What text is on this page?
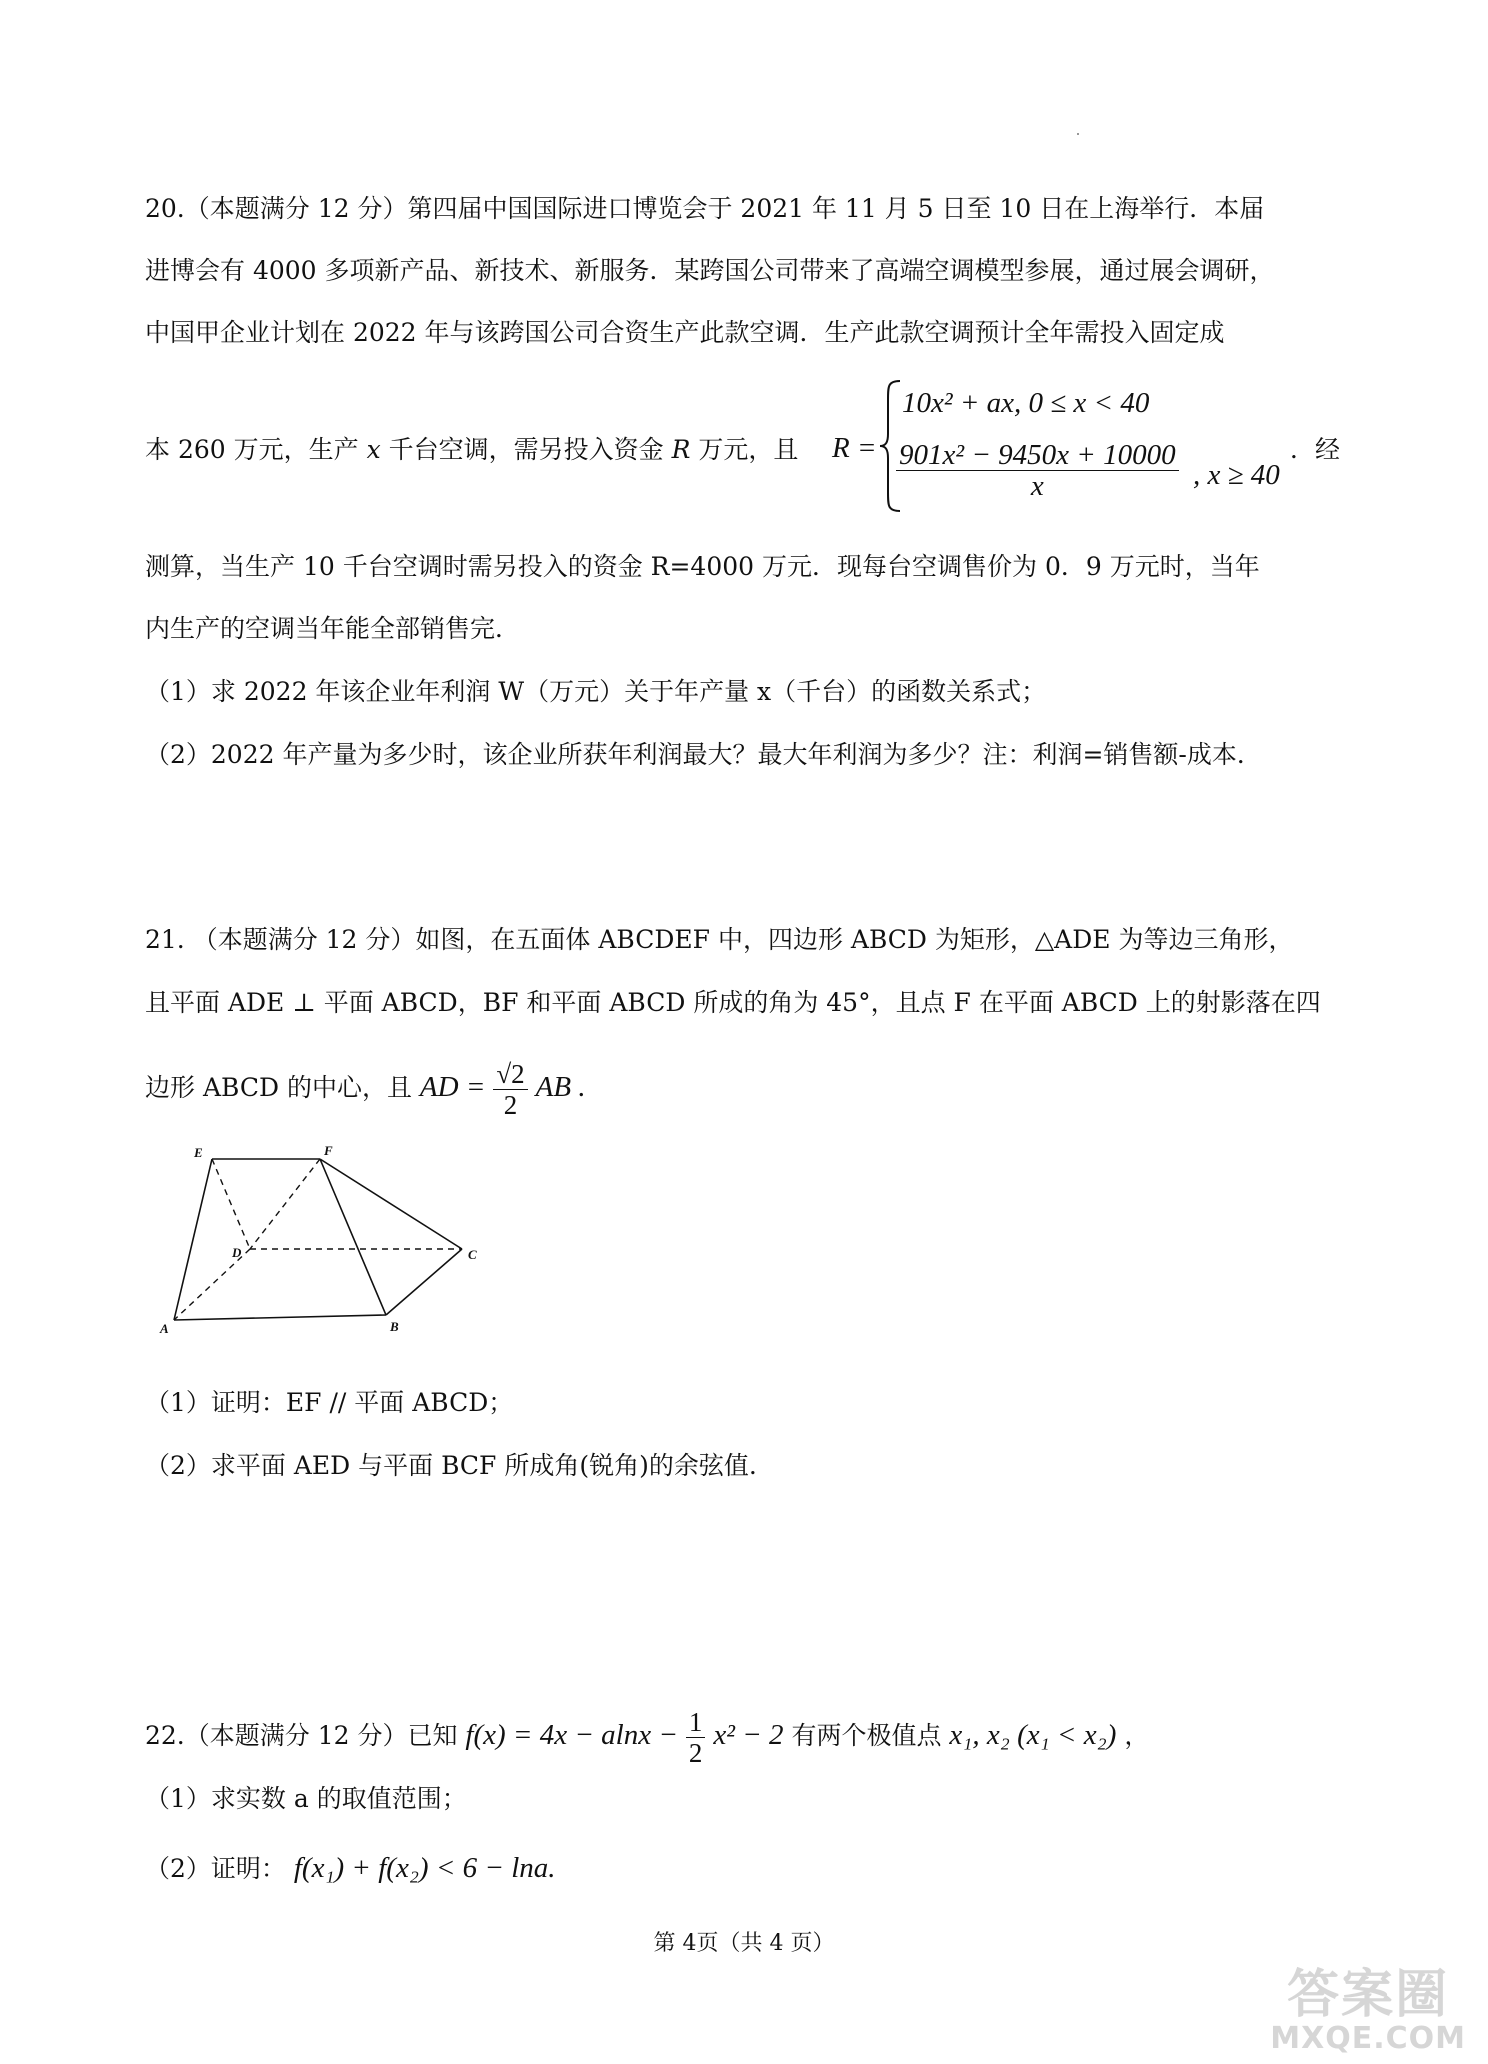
20.（本题满分 12 分）第四届中国国际进口博览会于 2021 年 11 月 5 日至 10 日在上海举行．本届
进博会有 4000 多项新产品、新技术、新服务．某跨国公司带来了高端空调模型参展，通过展会调研，
中国甲企业计划在 2022 年与该跨国公司合资生产此款空调．生产此款空调预计全年需投入固定成
本 260 万元，生产 x 千台空调，需另投入资金 R 万元，且 R =
10x² + ax, 0 ≤ x < 40
$\frac{\text{901x² − 9450x + 10000}}{x}$ , x ≥ 40
．经
测算，当生产 10 千台空调时需另投入的资金 R=4000 万元．现每台空调售价为 0．9 万元时，当年
内生产的空调当年能全部销售完．
（1）求 2022 年该企业年利润 W（万元）关于年产量 x（千台）的函数关系式；
（2）2022 年产量为多少时，该企业所获年利润最大？最大年利润为多少？注：利润=销售额-成本．
21. （本题满分 12 分）如图，在五面体 ABCDEF 中，四边形 ABCD 为矩形，△ADE 为等边三角形，
且平面 ADE ⊥ 平面 ABCD，BF 和平面 ABCD 所成的角为 45°，且点 F 在平面 ABCD 上的射影落在四
边形 ABCD 的中心，且 AD = $\frac{√2}{2}$ AB .
E	F
D	C
A	B
（1）证明：EF // 平面 ABCD；
（2）求平面 AED 与平面 BCF 所成角(锐角)的余弦值.
22.（本题满分 12 分）已知 $f(x) = 4x - alnx - \frac{1}{2} x^2 - 2$ 有两个极值点 x₁, x₂ (x₁ < x₂) ，
（1）求实数 a 的取值范围；
（2）证明： f(x₁) + f(x₂) < 6 − lna.
第 4页（共 4 页）
答案圈
MXQE.COM
